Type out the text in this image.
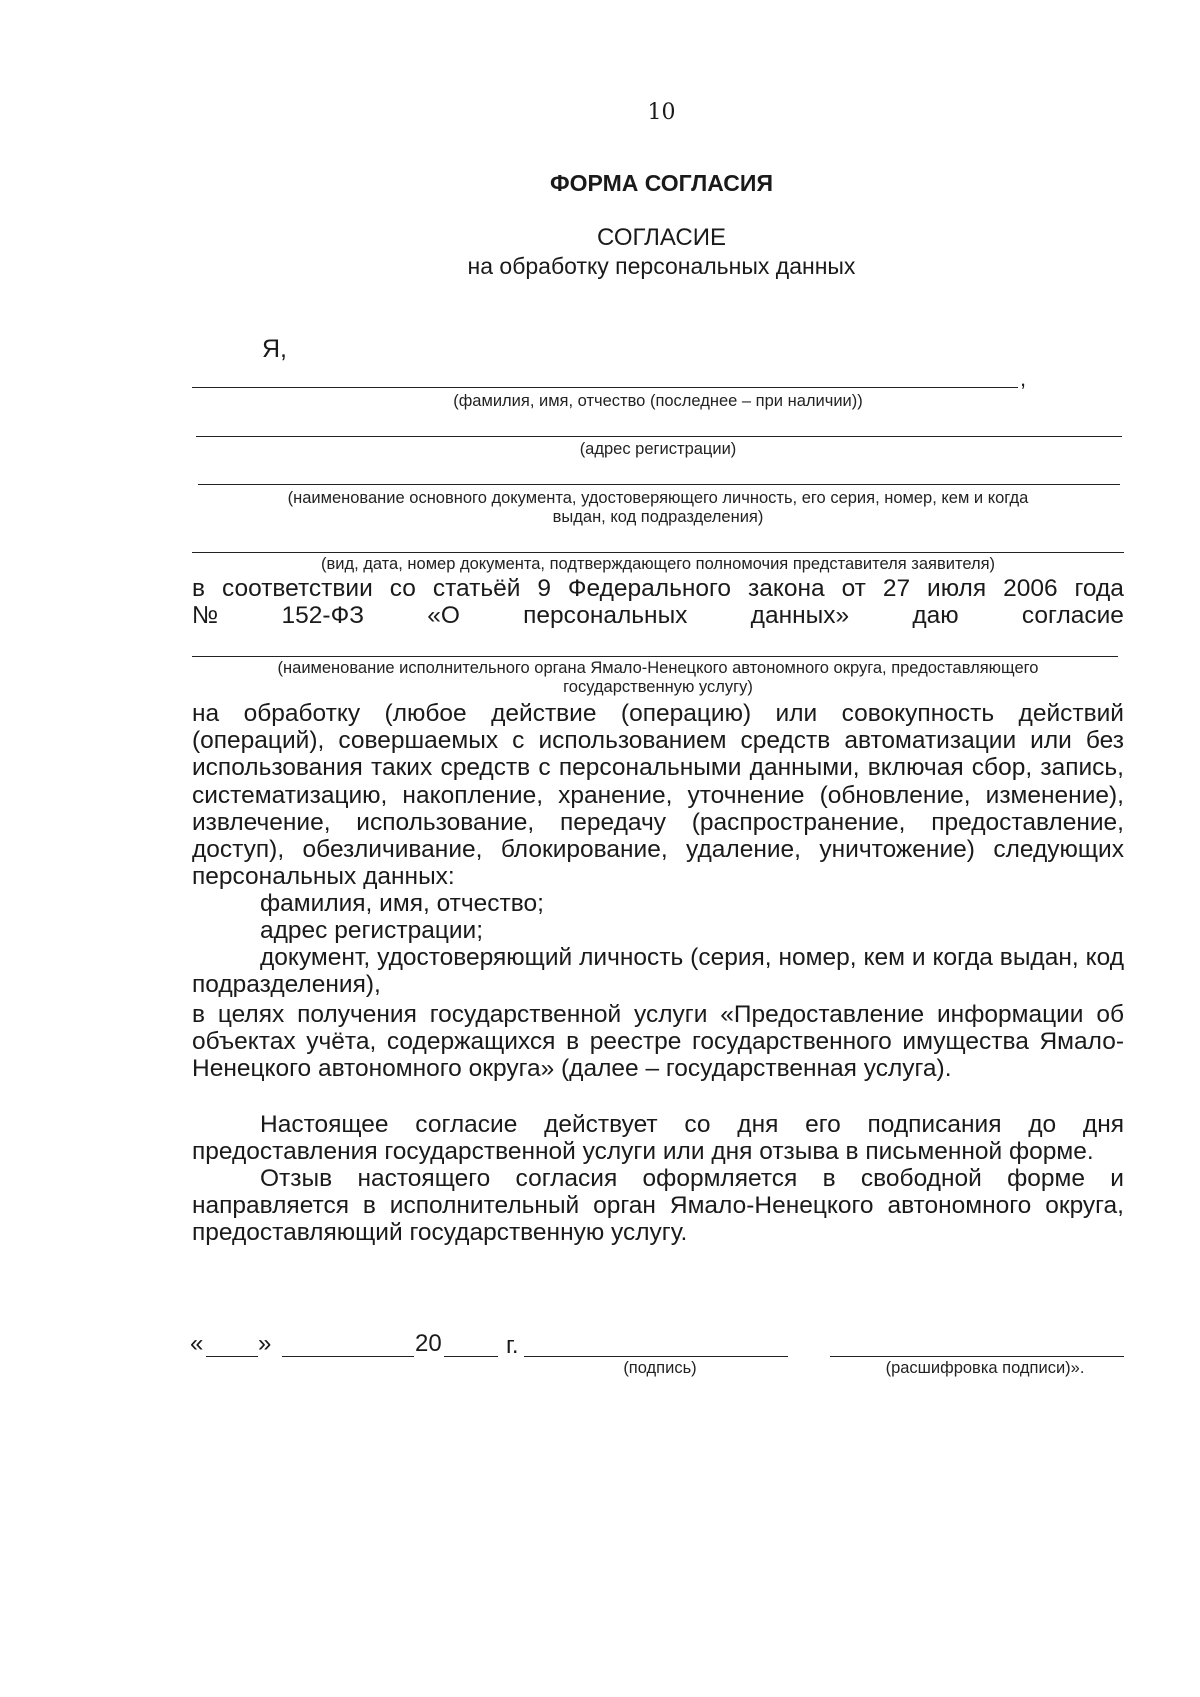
10
ФОРМА СОГЛАСИЯ
СОГЛАСИЕ
на обработку персональных данных
Я,
,
(фамилия, имя, отчество (последнее – при наличии))
(адрес регистрации)
(наименование основного документа, удостоверяющего личность, его серия, номер, кем и когда
выдан, код подразделения)
(вид, дата, номер документа, подтверждающего полномочия представителя заявителя)
в соответствии со статьёй 9 Федерального закона от 27 июля 2006 года
№	152-ФЗ	«О	персональных	данных»	даю	согласие
(наименование исполнительного органа Ямало-Ненецкого автономного округа, предоставляющего
государственную услугу)
на обработку (любое действие (операцию) или совокупность действий (операций), совершаемых с использованием средств автоматизации или без использования таких средств с персональными данными, включая сбор, запись, систематизацию, накопление, хранение, уточнение (обновление, изменение), извлечение, использование, передачу (распространение, предоставление, доступ), обезличивание, блокирование, удаление, уничтожение) следующих персональных данных:
фамилия, имя, отчество;
адрес регистрации;
документ, удостоверяющий личность (серия, номер, кем и когда выдан, код подразделения),
в целях получения государственной услуги «Предоставление информации об объектах учёта, содержащихся в реестре государственного имущества Ямало-Ненецкого автономного округа» (далее – государственная услуга).
Настоящее согласие действует со дня его подписания до дня предоставления государственной услуги или дня отзыва в письменной форме.
Отзыв настоящего согласия оформляется в свободной форме и направляется в исполнительный орган Ямало-Ненецкого автономного округа, предоставляющий государственную услугу.
« »	20	г.
(подпись)	(расшифровка подписи)».
